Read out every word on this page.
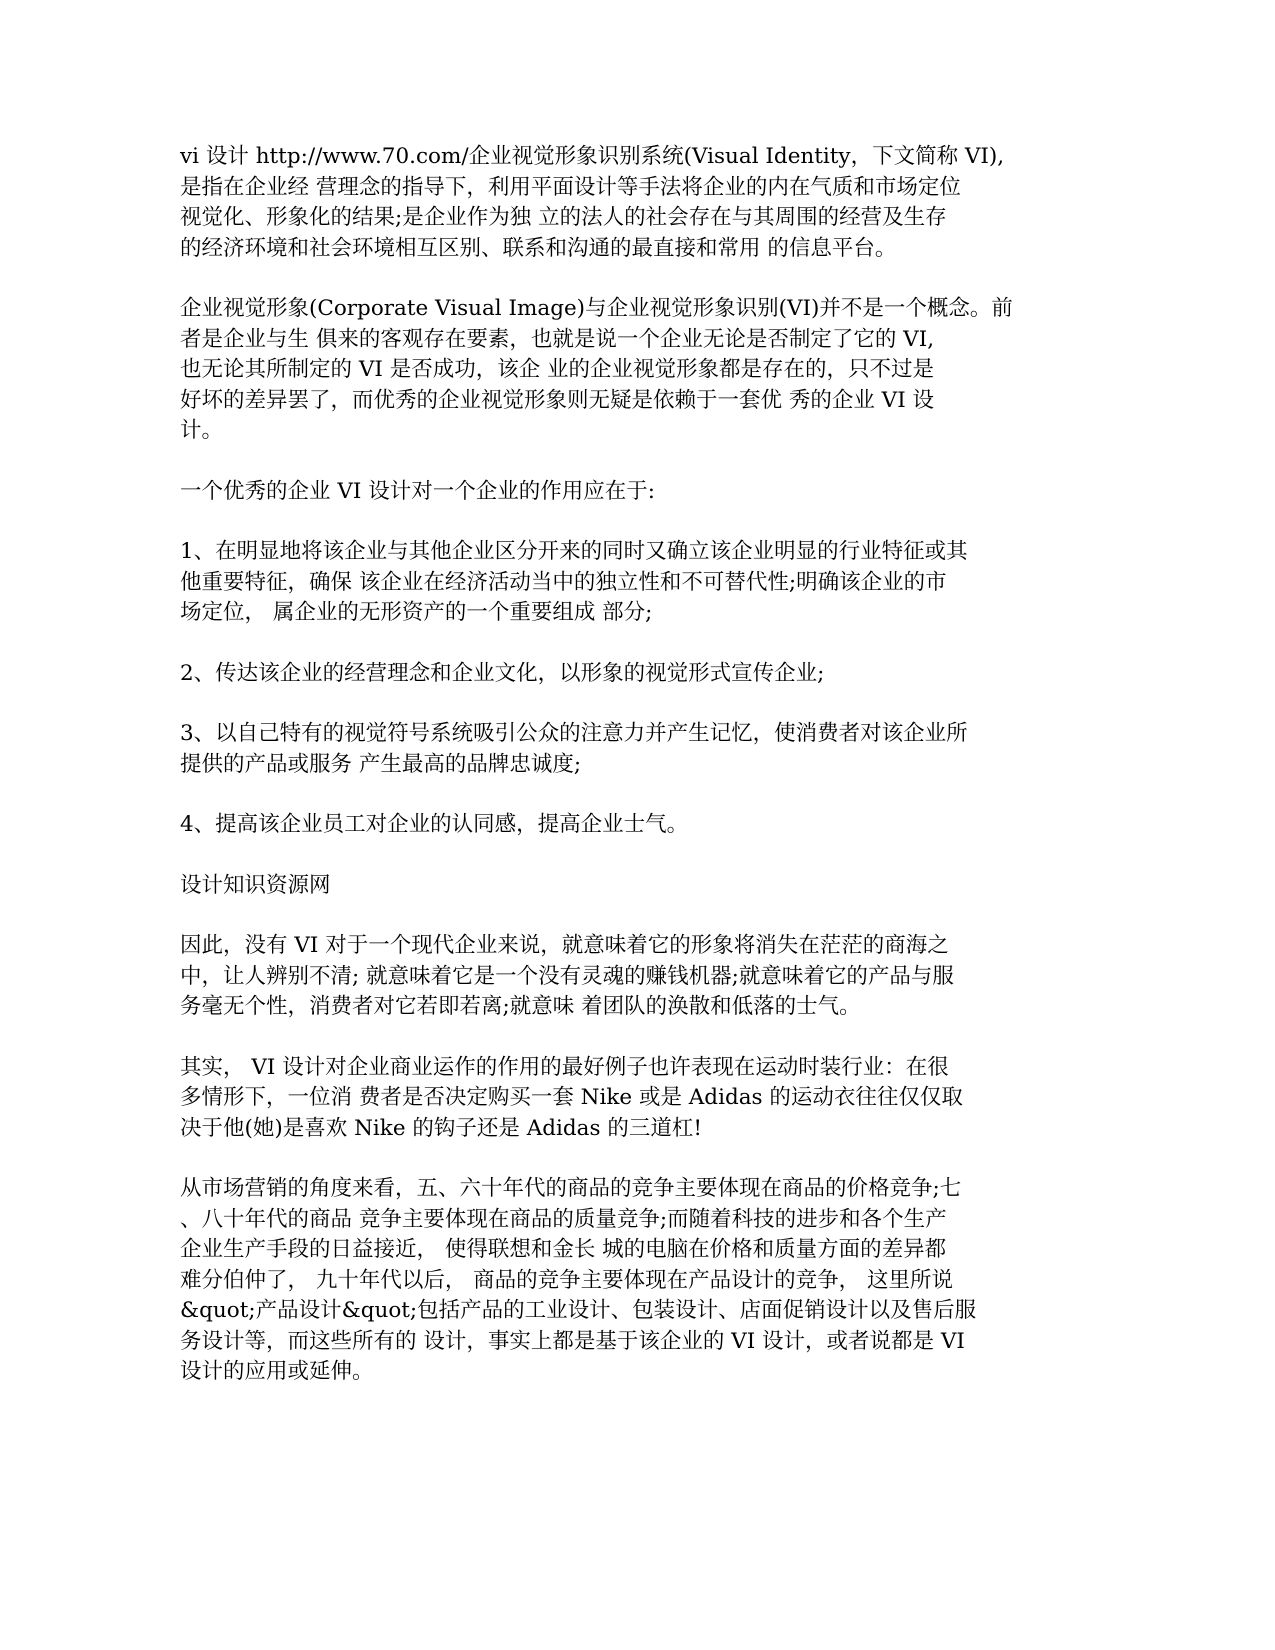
vi 设计 http://www.70.com/企业视觉形象识别系统(Visual Identity，下文简称 VI),
是指在企业经 营理念的指导下，利用平面设计等手法将企业的内在气质和市场定位
视觉化、形象化的结果;是企业作为独 立的法人的社会存在与其周围的经营及生存
的经济环境和社会环境相互区别、联系和沟通的最直接和常用 的信息平台。

企业视觉形象(Corporate Visual Image)与企业视觉形象识别(VI)并不是一个概念。前
者是企业与生 俱来的客观存在要素，也就是说一个企业无论是否制定了它的 VI,
也无论其所制定的 VI 是否成功，该企 业的企业视觉形象都是存在的，只不过是
好坏的差异罢了，而优秀的企业视觉形象则无疑是依赖于一套优 秀的企业 VI 设
计。

一个优秀的企业 VI 设计对一个企业的作用应在于:

1、在明显地将该企业与其他企业区分开来的同时又确立该企业明显的行业特征或其
他重要特征，确保 该企业在经济活动当中的独立性和不可替代性;明确该企业的市
场定位， 属企业的无形资产的一个重要组成 部分;

2、传达该企业的经营理念和企业文化，以形象的视觉形式宣传企业;

3、以自己特有的视觉符号系统吸引公众的注意力并产生记忆，使消费者对该企业所
提供的产品或服务 产生最高的品牌忠诚度;

4、提高该企业员工对企业的认同感，提高企业士气。

设计知识资源网

因此，没有 VI 对于一个现代企业来说，就意味着它的形象将消失在茫茫的商海之
中，让人辨别不清; 就意味着它是一个没有灵魂的赚钱机器;就意味着它的产品与服
务毫无个性，消费者对它若即若离;就意味 着团队的涣散和低落的士气。

其实， VI 设计对企业商业运作的作用的最好例子也许表现在运动时装行业：在很
多情形下，一位消 费者是否决定购买一套 Nike 或是 Adidas 的运动衣往往仅仅取
决于他(她)是喜欢 Nike 的钩子还是 Adidas 的三道杠!

从市场营销的角度来看，五、六十年代的商品的竞争主要体现在商品的价格竞争;七
、八十年代的商品 竞争主要体现在商品的质量竞争;而随着科技的进步和各个生产
企业生产手段的日益接近， 使得联想和金长 城的电脑在价格和质量方面的差异都
难分伯仲了， 九十年代以后， 商品的竞争主要体现在产品设计的竞争， 这里所说
&quot;产品设计&quot;包括产品的工业设计、包装设计、店面促销设计以及售后服
务设计等，而这些所有的 设计，事实上都是基于该企业的 VI 设计，或者说都是 VI
设计的应用或延伸。
